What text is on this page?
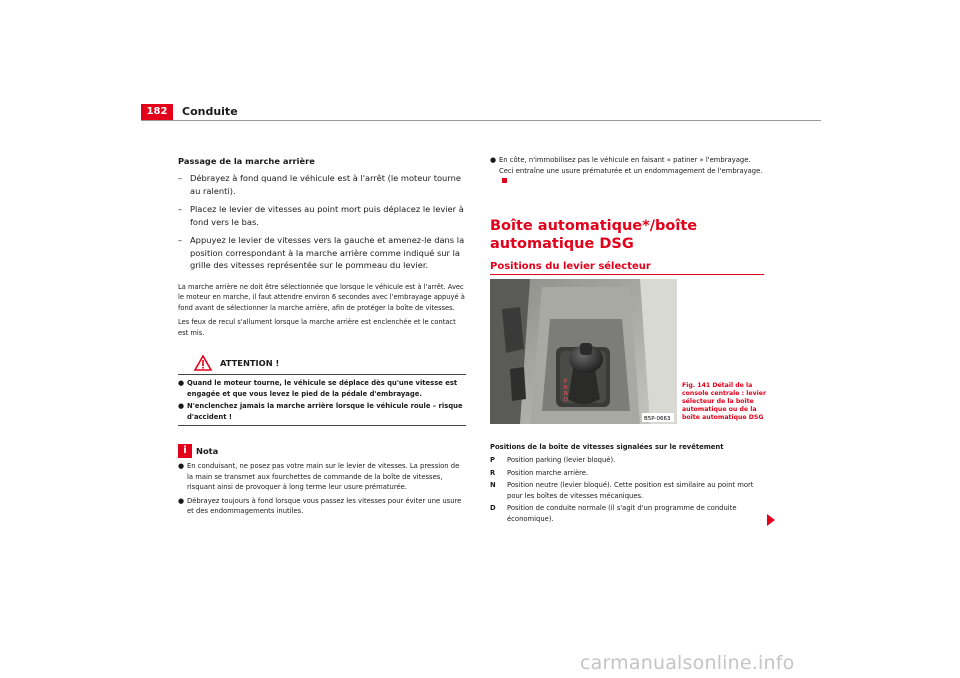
182	Conduite
Passage de la marche arrière
– Débrayez à fond quand le véhicule est à l'arrêt (le moteur tourne au ralenti).
– Placez le levier de vitesses au point mort puis déplacez le levier à fond vers le bas.
– Appuyez le levier de vitesses vers la gauche et amenez-le dans la position correspondant à la marche arrière comme indiqué sur la grille des vitesses représentée sur le pommeau du levier.

La marche arrière ne doit être sélectionnée que lorsque le véhicule est à l'arrêt. Avec le moteur en marche, il faut attendre environ 6 secondes avec l'embrayage appuyé à fond avant de sélectionner la marche arrière, afin de protéger la boîte de vitesses.

Les feux de recul s'allument lorsque la marche arrière est enclenchée et le contact est mis.

ATTENTION !
● Quand le moteur tourne, le véhicule se déplace dès qu'une vitesse est engagée et que vous levez le pied de la pédale d'embrayage.
● N'enclenchez jamais la marche arrière lorsque le véhicule roule – risque d'accident !
i	Nota
● En conduisant, ne posez pas votre main sur le levier de vitesses. La pression de la main se transmet aux fourchettes de commande de la boîte de vitesses, risquant ainsi de provoquer à long terme leur usure prématurée.
● Débrayez toujours à fond lorsque vous passez les vitesses pour éviter une usure et des endommagements inutiles.
● En côte, n'immobilisez pas le véhicule en faisant « patiner » l'embrayage. Ceci entraîne une usure prématurée et un endommagement de l'embrayage.
Boîte automatique*/boîte automatique DSG
Positions du levier sélecteur
P
R
N
D
B5P-0663
Fig. 141 Détail de la console centrale : levier sélecteur de la boîte automatique ou de la boîte automatique DSG
Positions de la boîte de vitesses signalées sur le revêtement
P	Position parking (levier bloqué).
R	Position marche arrière.
N	Position neutre (levier bloqué). Cette position est similaire au point mort pour les boîtes de vitesses mécaniques.
D	Position de conduite normale (il s'agit d'un programme de conduite économique).
carmanualsonline.info
